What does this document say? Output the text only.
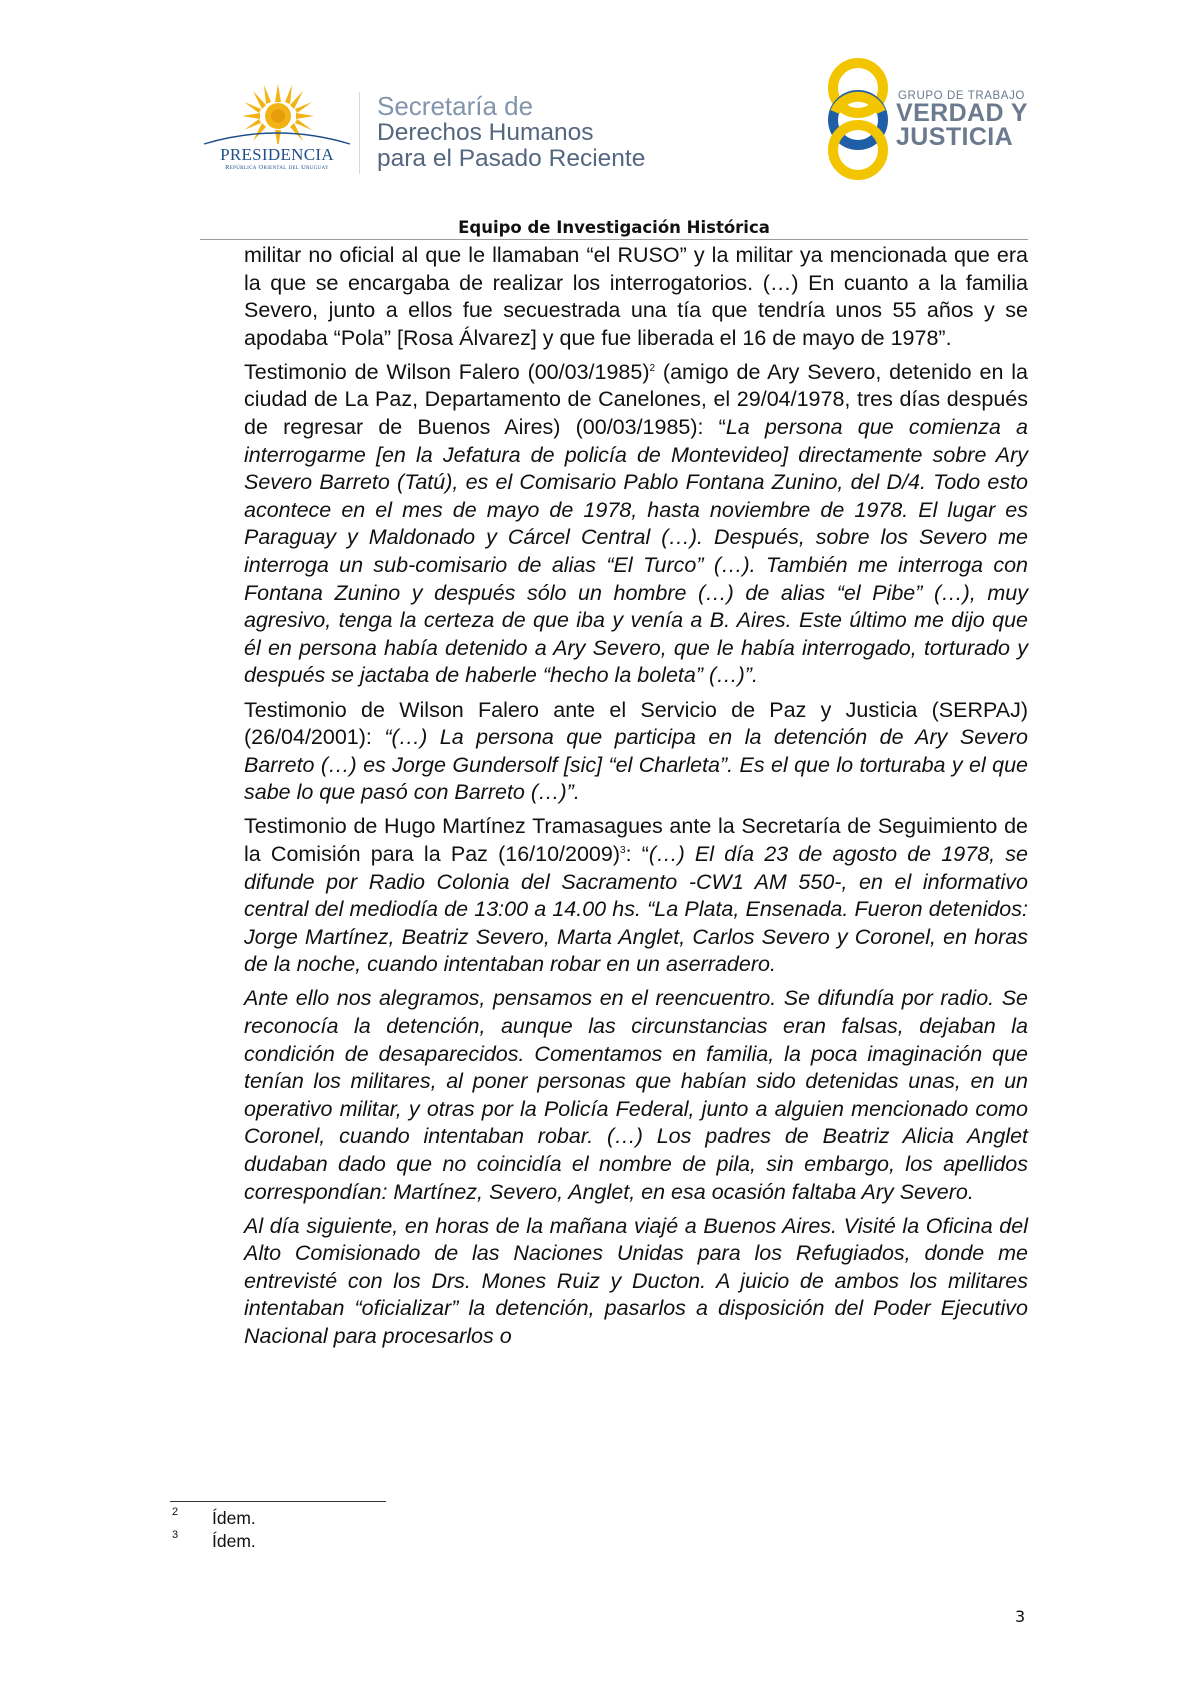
PRESIDENCIA
República Oriental del Uruguay
Secretaría de
Derechos Humanos
para el Pasado Reciente
GRUPO DE TRABAJO
VERDAD Y
JUSTICIA
Equipo de Investigación Histórica

militar no oficial al que le llamaban “el RUSO” y la militar ya mencionada que era la que se encargaba de realizar los interrogatorios. (…) En cuanto a la familia Severo, junto a ellos fue secuestrada una tía que tendría unos 55 años y se apodaba “Pola” [Rosa Álvarez] y que fue liberada el 16 de mayo de 1978”.

Testimonio de Wilson Falero (00/03/1985)$^2$ (amigo de Ary Severo, detenido en la ciudad de La Paz, Departamento de Canelones, el 29/04/1978, tres días después de regresar de Buenos Aires) (00/03/1985): “La persona que comienza a interrogarme [en la Jefatura de policía de Montevideo] directamente sobre Ary Severo Barreto (Tatú), es el Comisario Pablo Fontana Zunino, del D/4. Todo esto acontece en el mes de mayo de 1978, hasta noviembre de 1978. El lugar es Paraguay y Maldonado y Cárcel Central (…). Después, sobre los Severo me interroga un sub-comisario de alias “El Turco” (…). También me interroga con Fontana Zunino y después sólo un hombre (…) de alias “el Pibe” (…), muy agresivo, tenga la certeza de que iba y venía a B. Aires. Este último me dijo que él en persona había detenido a Ary Severo, que le había interrogado, torturado y después se jactaba de haberle “hecho la boleta” (…)”.

Testimonio de Wilson Falero ante el Servicio de Paz y Justicia (SERPAJ) (26/04/2001): “(…) La persona que participa en la detención de Ary Severo Barreto (…) es Jorge Gundersolf [sic] “el Charleta”. Es el que lo torturaba y el que sabe lo que pasó con Barreto (…)”.

Testimonio de Hugo Martínez Tramasagues ante la Secretaría de Seguimiento de la Comisión para la Paz (16/10/2009)$^3$: “(…) El día 23 de agosto de 1978, se difunde por Radio Colonia del Sacramento -CW1 AM 550-, en el informativo central del mediodía de 13:00 a 14.00 hs. “La Plata, Ensenada. Fueron detenidos: Jorge Martínez, Beatriz Severo, Marta Anglet, Carlos Severo y Coronel, en horas de la noche, cuando intentaban robar en un aserradero.

Ante ello nos alegramos, pensamos en el reencuentro. Se difundía por radio. Se reconocía la detención, aunque las circunstancias eran falsas, dejaban la condición de desaparecidos. Comentamos en familia, la poca imaginación que tenían los militares, al poner personas que habían sido detenidas unas, en un operativo militar, y otras por la Policía Federal, junto a alguien mencionado como Coronel, cuando intentaban robar. (…) Los padres de Beatriz Alicia Anglet dudaban dado que no coincidía el nombre de pila, sin embargo, los apellidos correspondían: Martínez, Severo, Anglet, en esa ocasión faltaba Ary Severo.

Al día siguiente, en horas de la mañana viajé a Buenos Aires. Visité la Oficina del Alto Comisionado de las Naciones Unidas para los Refugiados, donde me entrevisté con los Drs. Mones Ruiz y Ducton. A juicio de ambos los militares intentaban “oficializar” la detención, pasarlos a disposición del Poder Ejecutivo Nacional para procesarlos o

2 Ídem.
3 Ídem.
3
